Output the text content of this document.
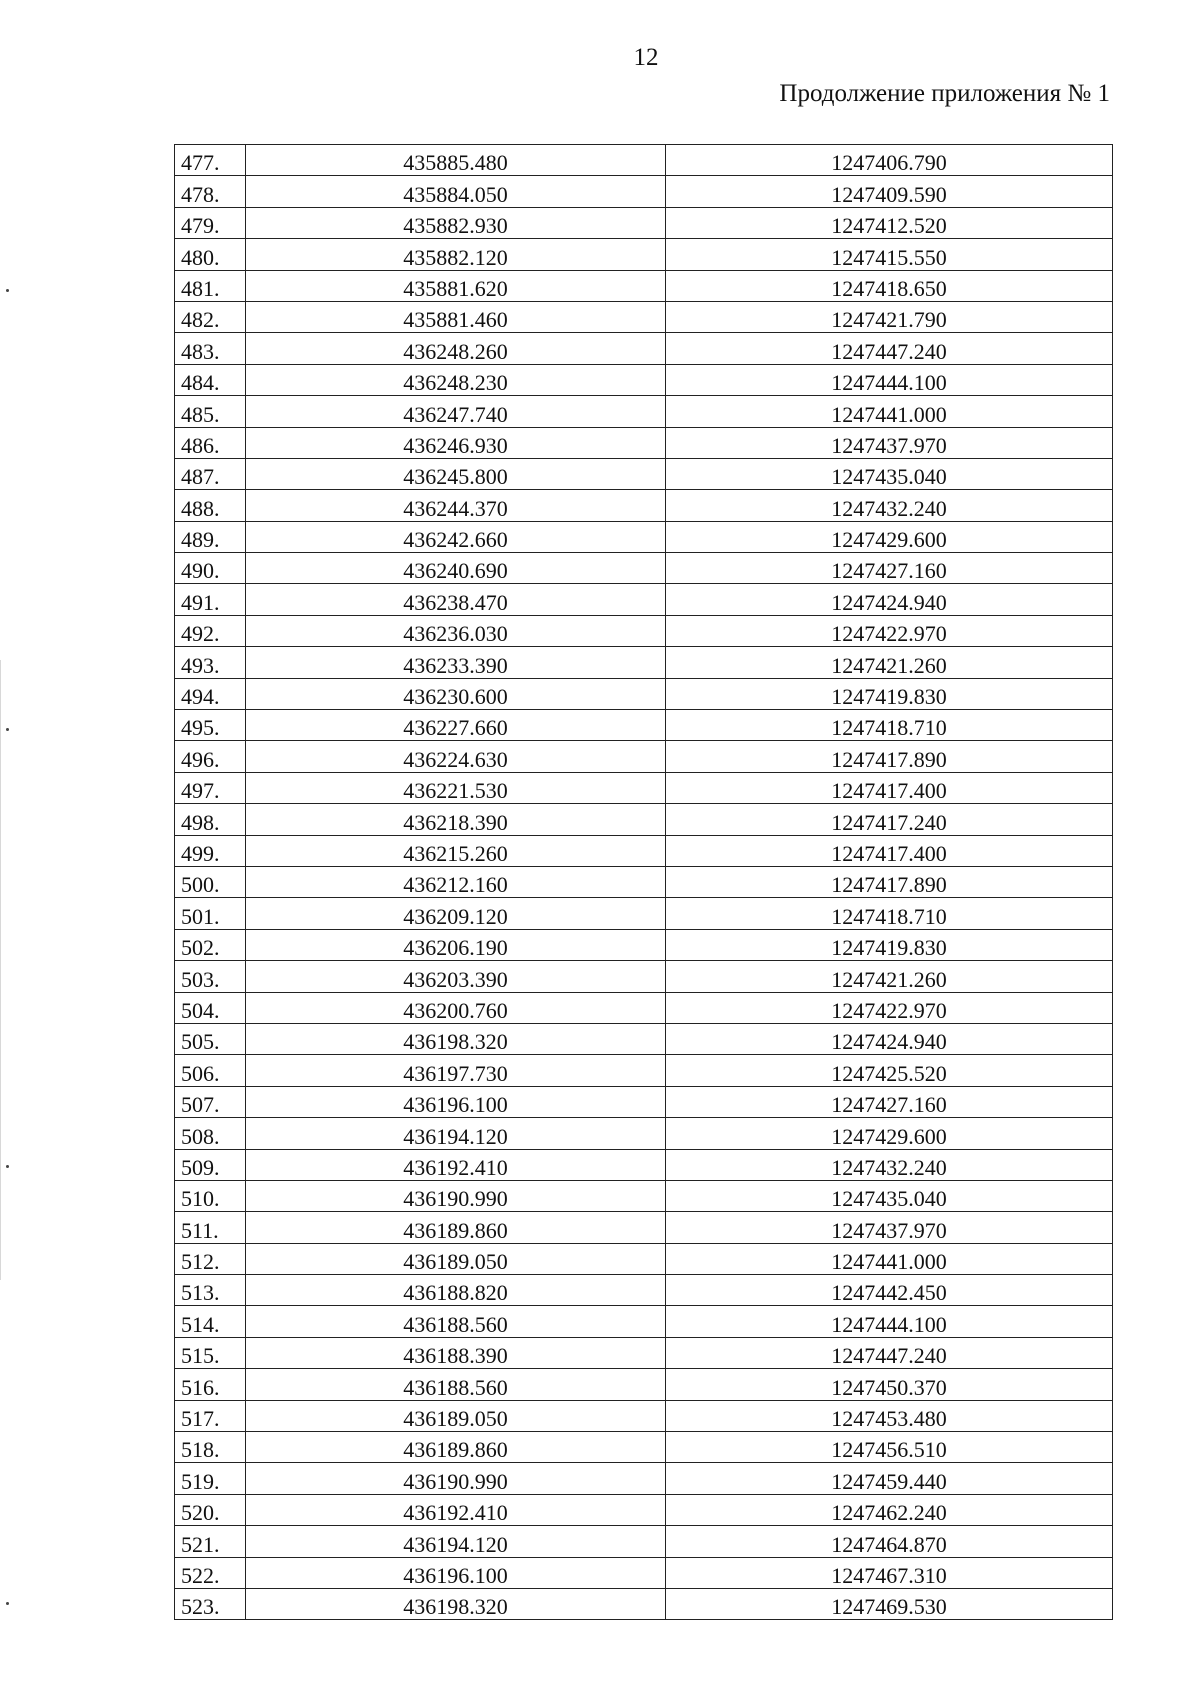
12
Продолжение приложения № 1
477.	435885.480	1247406.790
478.	435884.050	1247409.590
479.	435882.930	1247412.520
480.	435882.120	1247415.550
481.	435881.620	1247418.650
482.	435881.460	1247421.790
483.	436248.260	1247447.240
484.	436248.230	1247444.100
485.	436247.740	1247441.000
486.	436246.930	1247437.970
487.	436245.800	1247435.040
488.	436244.370	1247432.240
489.	436242.660	1247429.600
490.	436240.690	1247427.160
491.	436238.470	1247424.940
492.	436236.030	1247422.970
493.	436233.390	1247421.260
494.	436230.600	1247419.830
495.	436227.660	1247418.710
496.	436224.630	1247417.890
497.	436221.530	1247417.400
498.	436218.390	1247417.240
499.	436215.260	1247417.400
500.	436212.160	1247417.890
501.	436209.120	1247418.710
502.	436206.190	1247419.830
503.	436203.390	1247421.260
504.	436200.760	1247422.970
505.	436198.320	1247424.940
506.	436197.730	1247425.520
507.	436196.100	1247427.160
508.	436194.120	1247429.600
509.	436192.410	1247432.240
510.	436190.990	1247435.040
511.	436189.860	1247437.970
512.	436189.050	1247441.000
513.	436188.820	1247442.450
514.	436188.560	1247444.100
515.	436188.390	1247447.240
516.	436188.560	1247450.370
517.	436189.050	1247453.480
518.	436189.860	1247456.510
519.	436190.990	1247459.440
520.	436192.410	1247462.240
521.	436194.120	1247464.870
522.	436196.100	1247467.310
523.	436198.320	1247469.530
